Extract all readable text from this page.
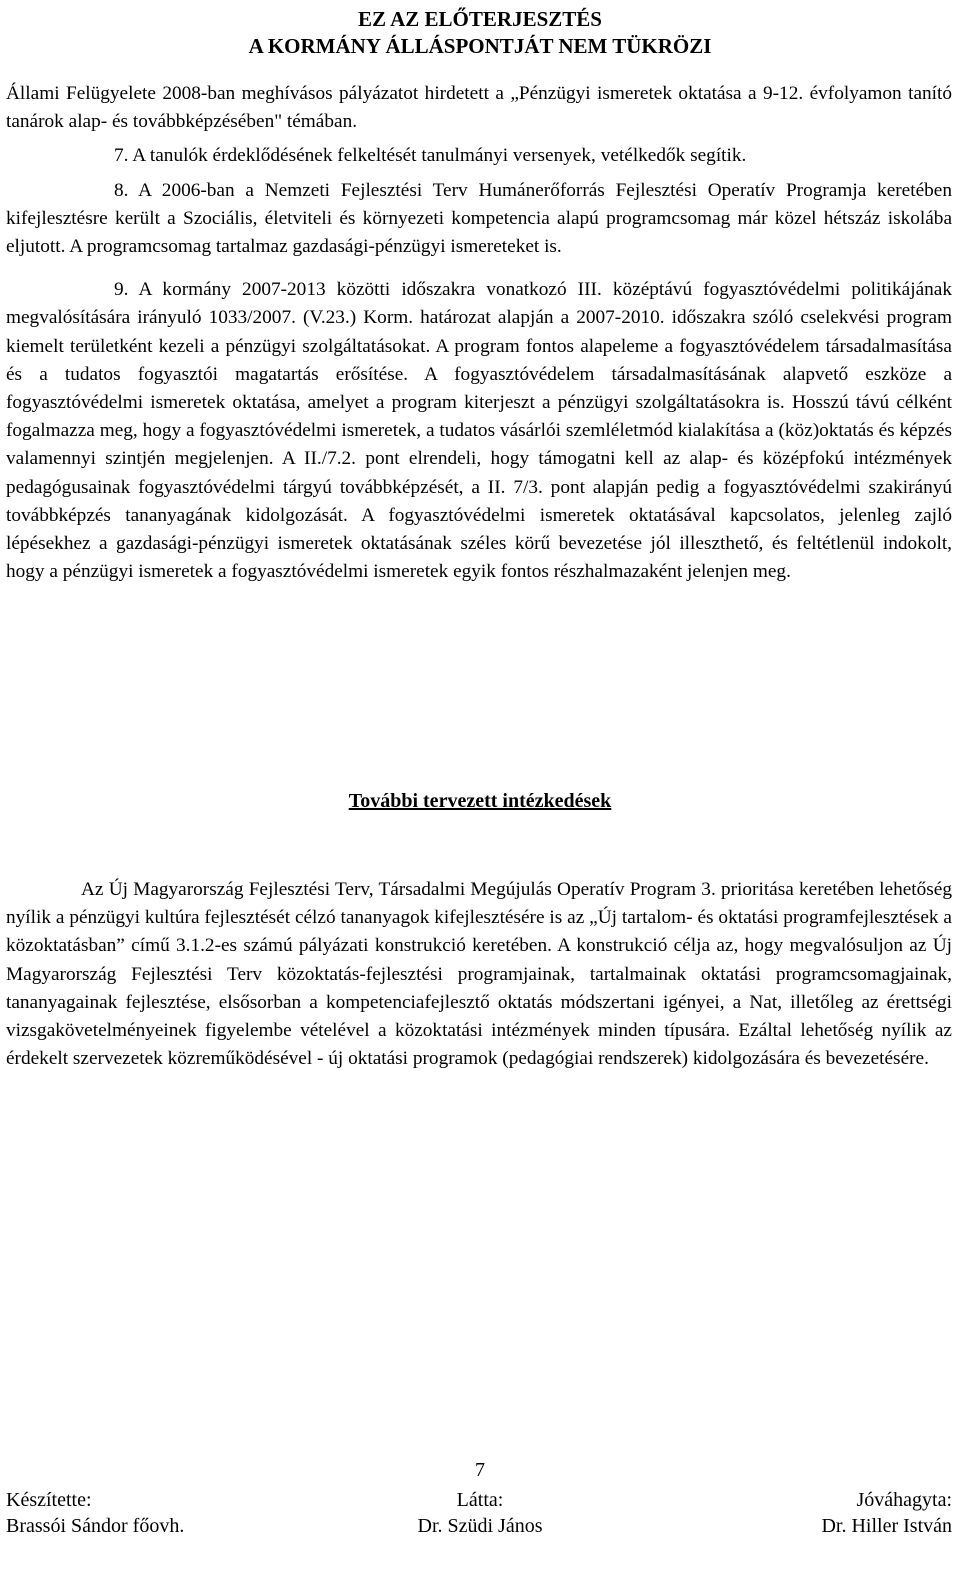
EZ AZ ELŐTERJESZTÉS
A KORMÁNY ÁLLÁSPONTJÁT NEM TÜKRÖZI

Állami Felügyelete 2008-ban meghívásos pályázatot hirdetett a „Pénzügyi ismeretek oktatása a 9-12. évfolyamon tanító tanárok alap- és továbbképzésében" témában.

7. A tanulók érdeklődésének felkeltését tanulmányi versenyek, vetélkedők segítik.

8. A 2006-ban a Nemzeti Fejlesztési Terv Humánerőforrás Fejlesztési Operatív Programja keretében kifejlesztésre került a Szociális, életviteli és környezeti kompetencia alapú programcsomag már közel hétszáz iskolába eljutott. A programcsomag tartalmaz gazdasági-pénzügyi ismereteket is.

9. A kormány 2007-2013 közötti időszakra vonatkozó III. középtávú fogyasztóvédelmi politikájának megvalósítására irányuló 1033/2007. (V.23.) Korm. határozat alapján a 2007-2010. időszakra szóló cselekvési program kiemelt területként kezeli a pénzügyi szolgáltatásokat. A program fontos alapeleme a fogyasztóvédelem társadalmasítása és a tudatos fogyasztói magatartás erősítése. A fogyasztóvédelem társadalmasításának alapvető eszköze a fogyasztóvédelmi ismeretek oktatása, amelyet a program kiterjeszt a pénzügyi szolgáltatásokra is. Hosszú távú célként fogalmazza meg, hogy a fogyasztóvédelmi ismeretek, a tudatos vásárlói szemléletmód kialakítása a (köz)oktatás és képzés valamennyi szintjén megjelenjen. A II./7.2. pont elrendeli, hogy támogatni kell az alap- és középfokú intézmények pedagógusainak fogyasztóvédelmi tárgyú továbbképzését, a II. 7/3. pont alapján pedig a fogyasztóvédelmi szakirányú továbbképzés tananyagának kidolgozását. A fogyasztóvédelmi ismeretek oktatásával kapcsolatos, jelenleg zajló lépésekhez a gazdasági-pénzügyi ismeretek oktatásának széles körű bevezetése jól illeszthető, és feltétlenül indokolt, hogy a pénzügyi ismeretek a fogyasztóvédelmi ismeretek egyik fontos részhalmazaként jelenjen meg.

További tervezett intézkedések

Az Új Magyarország Fejlesztési Terv, Társadalmi Megújulás Operatív Program 3. prioritása keretében lehetőség nyílik a pénzügyi kultúra fejlesztését célzó tananyagok kifejlesztésére is az „Új tartalom- és oktatási programfejlesztések a közoktatásban” című 3.1.2-es számú pályázati konstrukció keretében. A konstrukció célja az, hogy megvalósuljon az Új Magyarország Fejlesztési Terv közoktatás-fejlesztési programjainak, tartalmainak oktatási programcsomagjainak, tananyagainak fejlesztése, elsősorban a kompetenciafejlesztő oktatás módszertani igényei, a Nat, illetőleg az érettségi vizsgakövetelményeinek figyelembe vételével a közoktatási intézmények minden típusára. Ezáltal lehetőség nyílik az érdekelt szervezetek közreműködésével - új oktatási programok (pedagógiai rendszerek) kidolgozására és bevezetésére.

7
Készítette:
Brassói Sándor főovh.
Látta:
Dr. Szüdi János
Jóváhagyta:
Dr. Hiller István
